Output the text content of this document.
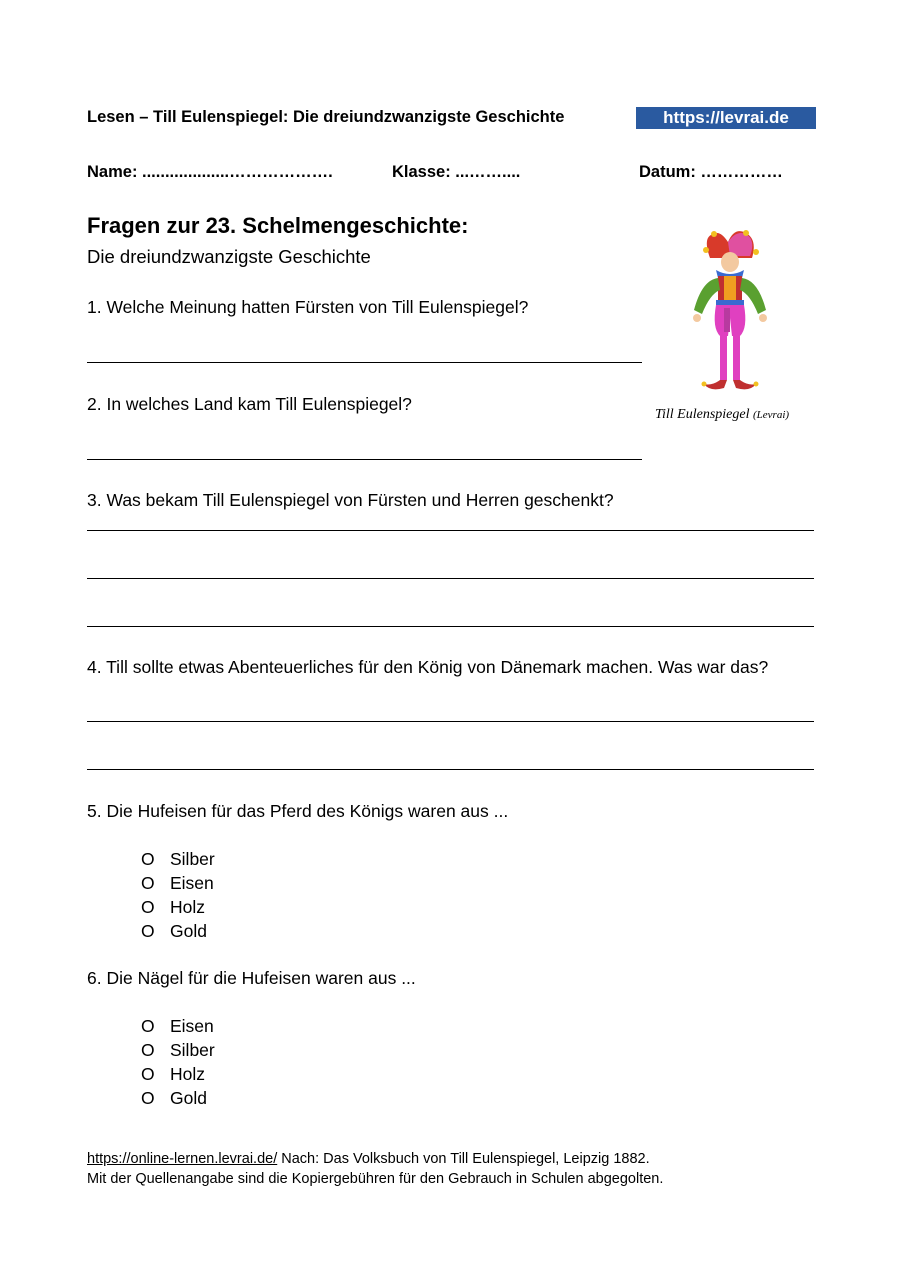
Lesen – Till Eulenspiegel: Die dreiundzwanzigste Geschichte	https://levrai.de
Name: ...................……………….	Klasse: ...……....	Datum: ……………
Fragen zur 23. Schelmengeschichte:
Die dreiundzwanzigste Geschichte
Till Eulenspiegel (Levrai)
1. Welche Meinung hatten Fürsten von Till Eulenspiegel?
2. In welches Land kam Till Eulenspiegel?
3. Was bekam Till Eulenspiegel von Fürsten und Herren geschenkt?
4. Till sollte etwas Abenteuerliches für den König von Dänemark machen. Was war das?
5. Die Hufeisen für das Pferd des Königs waren aus ...
O Silber
O Eisen
O Holz
O Gold
6. Die Nägel für die Hufeisen waren aus ...
O Eisen
O Silber
O Holz
O Gold
https://online-lernen.levrai.de/ Nach: Das Volksbuch von Till Eulenspiegel, Leipzig 1882.
Mit der Quellenangabe sind die Kopiergebühren für den Gebrauch in Schulen abgegolten.
